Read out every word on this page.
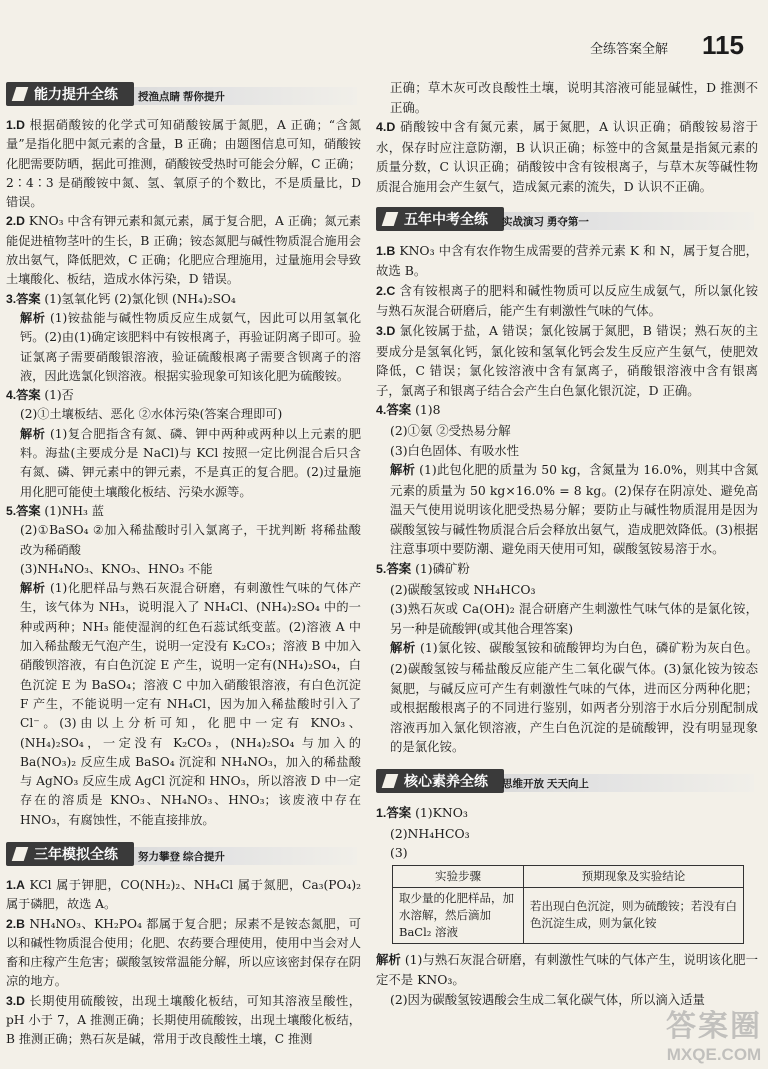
全练答案全解 115
能力提升全练	授渔点睛 帮你提升

1.D 根据硝酸铵的化学式可知硝酸铵属于氮肥，A 正确；“含氮量”是指化肥中氮元素的含量，B 正确；由题图信息可知，硝酸铵化肥需要防晒，据此可推测，硝酸铵受热时可能会分解，C 正确；2∶4∶3 是硝酸铵中氮、氢、氧原子的个数比，不是质量比，D 错误。

2.D KNO₃ 中含有钾元素和氮元素，属于复合肥，A 正确；氮元素能促进植物茎叶的生长，B 正确；铵态氮肥与碱性物质混合施用会放出氨气，降低肥效，C 正确；化肥应合理施用，过量施用会导致土壤酸化、板结，造成水体污染，D 错误。

3.答案 (1)氢氧化钙 (2)氯化钡 (NH₄)₂SO₄

解析 (1)铵盐能与碱性物质反应生成氨气，因此可以用氢氧化钙。(2)由(1)确定该肥料中有铵根离子，再验证阴离子即可。验证氯离子需要硝酸银溶液，验证硫酸根离子需要含钡离子的溶液，因此选氯化钡溶液。根据实验现象可知该化肥为硫酸铵。

4.答案 (1)否

(2)①土壤板结、恶化 ②水体污染(答案合理即可)

解析 (1)复合肥指含有氮、磷、钾中两种或两种以上元素的肥料。海盐(主要成分是 NaCl)与 KCl 按照一定比例混合后只含有氮、磷、钾元素中的钾元素，不是真正的复合肥。(2)过量施用化肥可能使土壤酸化板结、污染水源等。

5.答案 (1)NH₃ 蓝

(2)①BaSO₄ ②加入稀盐酸时引入氯离子，干扰判断 将稀盐酸改为稀硝酸

(3)NH₄NO₃、KNO₃、HNO₃ 不能

解析 (1)化肥样品与熟石灰混合研磨，有刺激性气味的气体产生，该气体为 NH₃，说明混入了 NH₄Cl、(NH₄)₂SO₄ 中的一种或两种；NH₃ 能使湿润的红色石蕊试纸变蓝。(2)溶液 A 中加入稀盐酸无气泡产生，说明一定没有 K₂CO₃；溶液 B 中加入硝酸钡溶液，有白色沉淀 E 产生，说明一定有(NH₄)₂SO₄，白色沉淀 E 为 BaSO₄；溶液 C 中加入硝酸银溶液，有白色沉淀 F 产生，不能说明一定有 NH₄Cl，因为加入稀盐酸时引入了 Cl⁻。(3)由以上分析可知，化肥中一定有 KNO₃、(NH₄)₂SO₄，一定没有 K₂CO₃，(NH₄)₂SO₄ 与加入的 Ba(NO₃)₂ 反应生成 BaSO₄ 沉淀和 NH₄NO₃，加入的稀盐酸与 AgNO₃ 反应生成 AgCl 沉淀和 HNO₃，所以溶液 D 中一定存在的溶质是 KNO₃、NH₄NO₃、HNO₃；该废液中存在 HNO₃，有腐蚀性，不能直接排放。

三年模拟全练	努力攀登 综合提升

1.A KCl 属于钾肥，CO(NH₂)₂、NH₄Cl 属于氮肥，Ca₃(PO₄)₂ 属于磷肥，故选 A。

2.B NH₄NO₃、KH₂PO₄ 都属于复合肥；尿素不是铵态氮肥，可以和碱性物质混合使用；化肥、农药要合理使用，使用中当会对人畜和庄稼产生危害；碳酸氢铵常温能分解，所以应该密封保存在阴凉的地方。

3.D 长期使用硫酸铵，出现土壤酸化板结，可知其溶液呈酸性，pH 小于 7，A 推测正确；长期使用硫酸铵，出现土壤酸化板结，B 推测正确；熟石灰是碱，常用于改良酸性土壤，C 推测

正确；草木灰可改良酸性土壤，说明其溶液可能显碱性，D 推测不正确。

4.D 硝酸铵中含有氮元素，属于氮肥，A 认识正确；硝酸铵易溶于水，保存时应注意防潮，B 认识正确；标签中的含氮量是指氮元素的质量分数，C 认识正确；硝酸铵中含有铵根离子，与草木灰等碱性物质混合施用会产生氨气，造成氮元素的流失，D 认识不正确。

五年中考全练	实战演习 勇夺第一

1.B KNO₃ 中含有农作物生成需要的营养元素 K 和 N，属于复合肥，故选 B。

2.C 含有铵根离子的肥料和碱性物质可以反应生成氨气，所以氯化铵与熟石灰混合研磨后，能产生有刺激性气味的气体。

3.D 氯化铵属于盐，A 错误；氯化铵属于氮肥，B 错误；熟石灰的主要成分是氢氧化钙，氯化铵和氢氧化钙会发生反应产生氨气，使肥效降低，C 错误；氯化铵溶液中含有氯离子，硝酸银溶液中含有银离子，氯离子和银离子结合会产生白色氯化银沉淀，D 正确。

4.答案 (1)8

(2)①氨 ②受热易分解

(3)白色固体、有吸水性

解析 (1)此包化肥的质量为 50 kg，含氮量为 16.0%，则其中含氮元素的质量为 50 kg×16.0% = 8 kg。(2)保存在阴凉处、避免高温天气使用说明该化肥受热易分解；要防止与碱性物质混用是因为碳酸氢铵与碱性物质混合后会释放出氨气，造成肥效降低。(3)根据注意事项中要防潮、避免雨天使用可知，碳酸氢铵易溶于水。

5.答案 (1)磷矿粉

(2)碳酸氢铵或 NH₄HCO₃

(3)熟石灰或 Ca(OH)₂ 混合研磨产生刺激性气味气体的是氯化铵，另一种是硫酸钾(或其他合理答案)

解析 (1)氯化铵、碳酸氢铵和硫酸钾均为白色，磷矿粉为灰白色。(2)碳酸氢铵与稀盐酸反应能产生二氧化碳气体。(3)氯化铵为铵态氮肥，与碱反应可产生有刺激性气味的气体，进而区分两种化肥；或根据酸根离子的不同进行鉴别，如两者分别溶于水后分别配制成溶液再加入氯化钡溶液，产生白色沉淀的是硫酸钾，没有明显现象的是氯化铵。

核心素养全练	思维开放 天天向上

1.答案 (1)KNO₃

(2)NH₄HCO₃

(3)

实验步骤	预期现象及实验结论
取少量的化肥样品，加水溶解，然后滴加 BaCl₂ 溶液	若出现白色沉淀，则为硫酸铵；若没有白色沉淀生成，则为氯化铵

解析 (1)与熟石灰混合研磨，有刺激性气味的气体产生，说明该化肥一定不是 KNO₃。

(2)因为碳酸氢铵遇酸会生成二氧化碳气体，所以滴入适量

答案圈
MXQE.COM
